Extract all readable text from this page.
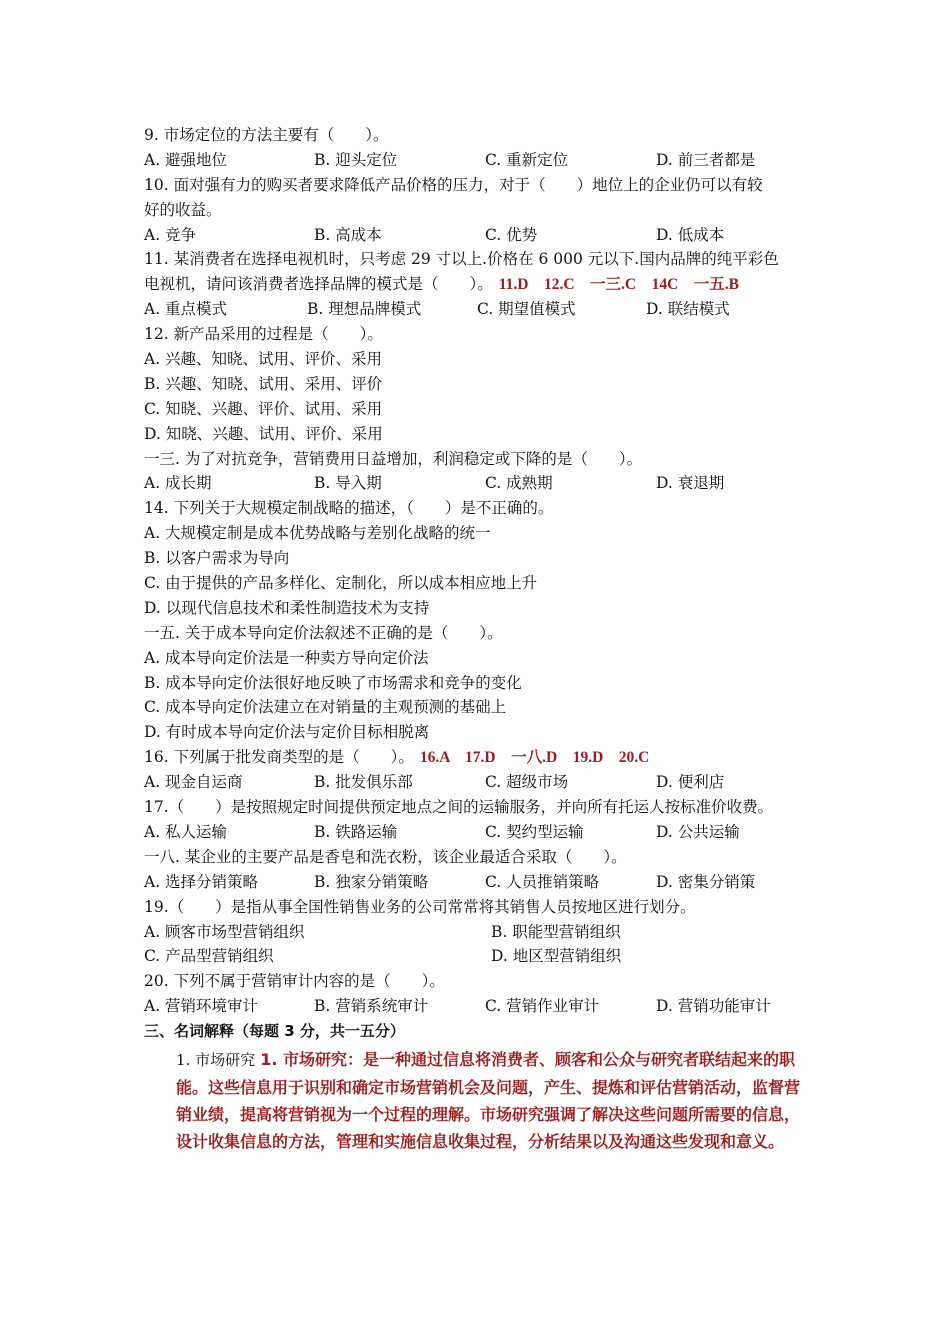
9. 市场定位的方法主要有（　　）。
A. 避强地位	B. 迎头定位	C. 重新定位	D. 前三者都是
10. 面对强有力的购买者要求降低产品价格的压力，对于（　　）地位上的企业仍可以有较
好的收益。
A. 竞争	B. 高成本	C. 优势	D. 低成本
11. 某消费者在选择电视机时，只考虑 29 寸以上.价格在 6 000 元以下.国内品牌的纯平彩色
电视机，请问该消费者选择品牌的模式是（　　）。 11.D　12.C　一三.C　14C　一五.B
A. 重点模式	B. 理想品牌模式	C. 期望值模式	D. 联结模式
12. 新产品采用的过程是（　　）。
A. 兴趣、知晓、试用、评价、采用
B. 兴趣、知晓、试用、采用、评价
C. 知晓、兴趣、评价、试用、采用
D. 知晓、兴趣、试用、评价、采用
一三. 为了对抗竞争，营销费用日益增加，利润稳定或下降的是（　　）。
A. 成长期	B. 导入期	C. 成熟期	D. 衰退期
14. 下列关于大规模定制战略的描述，（　　）是不正确的。
A. 大规模定制是成本优势战略与差别化战略的统一
B. 以客户需求为导向
C. 由于提供的产品多样化、定制化，所以成本相应地上升
D. 以现代信息技术和柔性制造技术为支持
一五. 关于成本导向定价法叙述不正确的是（　　）。
A. 成本导向定价法是一种卖方导向定价法
B. 成本导向定价法很好地反映了市场需求和竞争的变化
C. 成本导向定价法建立在对销量的主观预测的基础上
D. 有时成本导向定价法与定价目标相脱离
16. 下列属于批发商类型的是（　　）。 16.A　17.D　一八.D　19.D　20.C
A. 现金自运商	B. 批发俱乐部	C. 超级市场	D. 便利店
17.（　　）是按照规定时间提供预定地点之间的运输服务，并向所有托运人按标准价收费。
A. 私人运输	B. 铁路运输	C. 契约型运输	D. 公共运输
一八. 某企业的主要产品是香皂和洗衣粉，该企业最适合采取（　　）。
A. 选择分销策略	B. 独家分销策略	C. 人员推销策略	D. 密集分销策
19.（　　）是指从事全国性销售业务的公司常常将其销售人员按地区进行划分。
A. 顾客市场型营销组织	B. 职能型营销组织
C. 产品型营销组织	D. 地区型营销组织
20. 下列不属于营销审计内容的是（　　）。
A. 营销环境审计	B. 营销系统审计	C. 营销作业审计	D. 营销功能审计
三、名词解释（每题 3 分，共一五分）
1. 市场研究 1. 市场研究：是一种通过信息将消费者、顾客和公众与研究者联结起来的职能。这些信息用于识别和确定市场营销机会及问题，产生、提炼和评估营销活动，监督营销业绩，提高将营销视为一个过程的理解。市场研究强调了解决这些问题所需要的信息，设计收集信息的方法，管理和实施信息收集过程，分析结果以及沟通这些发现和意义。
